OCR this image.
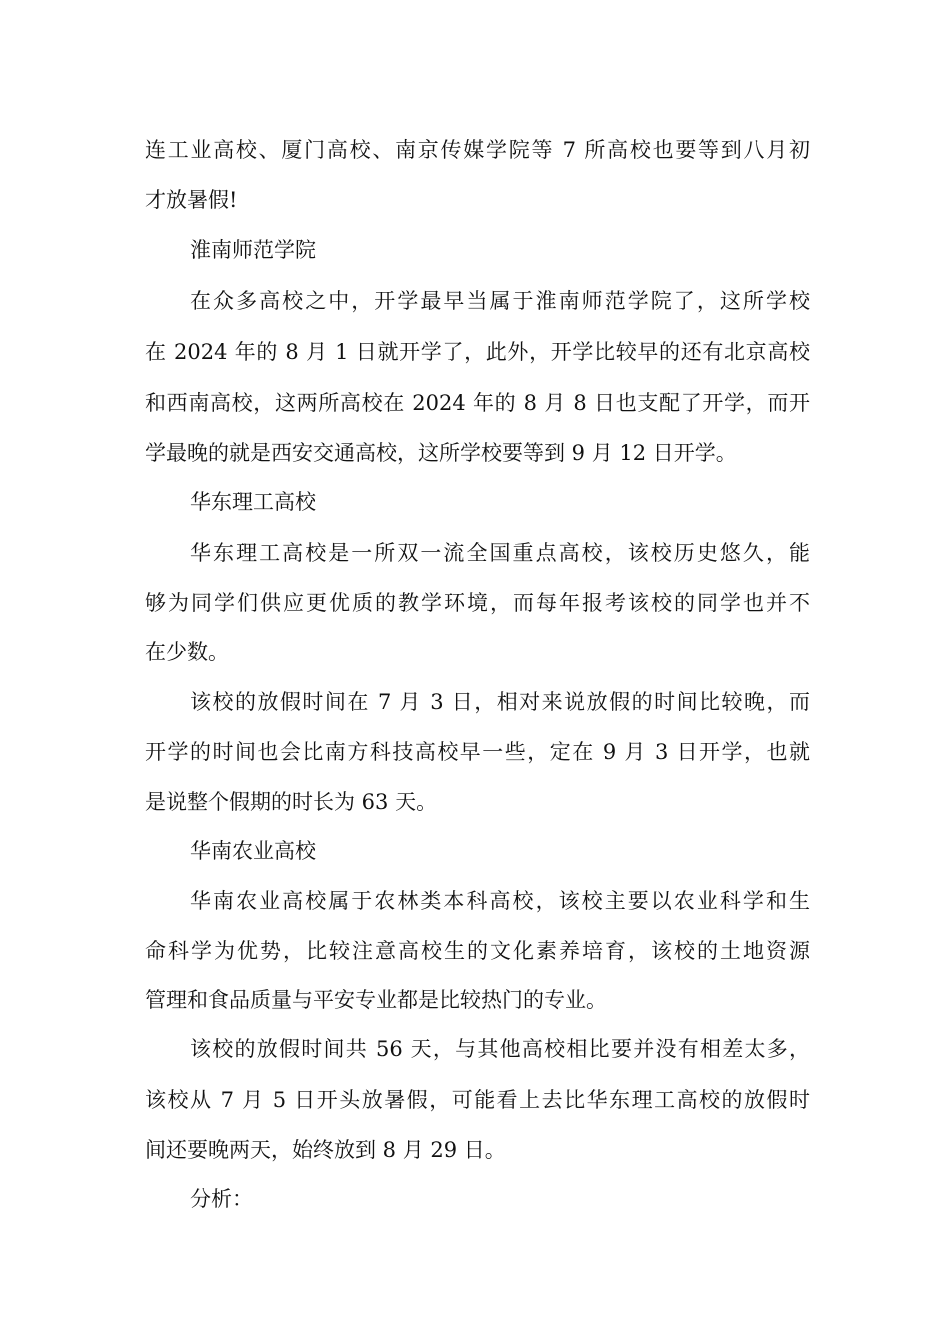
连工业高校、厦门高校、南京传媒学院等 7 所高校也要等到八月初
才放暑假!
淮南师范学院
在众多高校之中，开学最早当属于淮南师范学院了，这所学校
在 2024 年的 8 月 1 日就开学了，此外，开学比较早的还有北京高校
和西南高校，这两所高校在 2024 年的 8 月 8 日也支配了开学，而开
学最晚的就是西安交通高校，这所学校要等到 9 月 12 日开学。
华东理工高校
华东理工高校是一所双一流全国重点高校，该校历史悠久，能
够为同学们供应更优质的教学环境，而每年报考该校的同学也并不
在少数。
该校的放假时间在 7 月 3 日，相对来说放假的时间比较晚，而
开学的时间也会比南方科技高校早一些，定在 9 月 3 日开学，也就
是说整个假期的时长为 63 天。
华南农业高校
华南农业高校属于农林类本科高校，该校主要以农业科学和生
命科学为优势，比较注意高校生的文化素养培育，该校的土地资源
管理和食品质量与平安专业都是比较热门的专业。
该校的放假时间共 56 天，与其他高校相比要并没有相差太多，
该校从 7 月 5 日开头放暑假，可能看上去比华东理工高校的放假时
间还要晚两天，始终放到 8 月 29 日。
分析：
